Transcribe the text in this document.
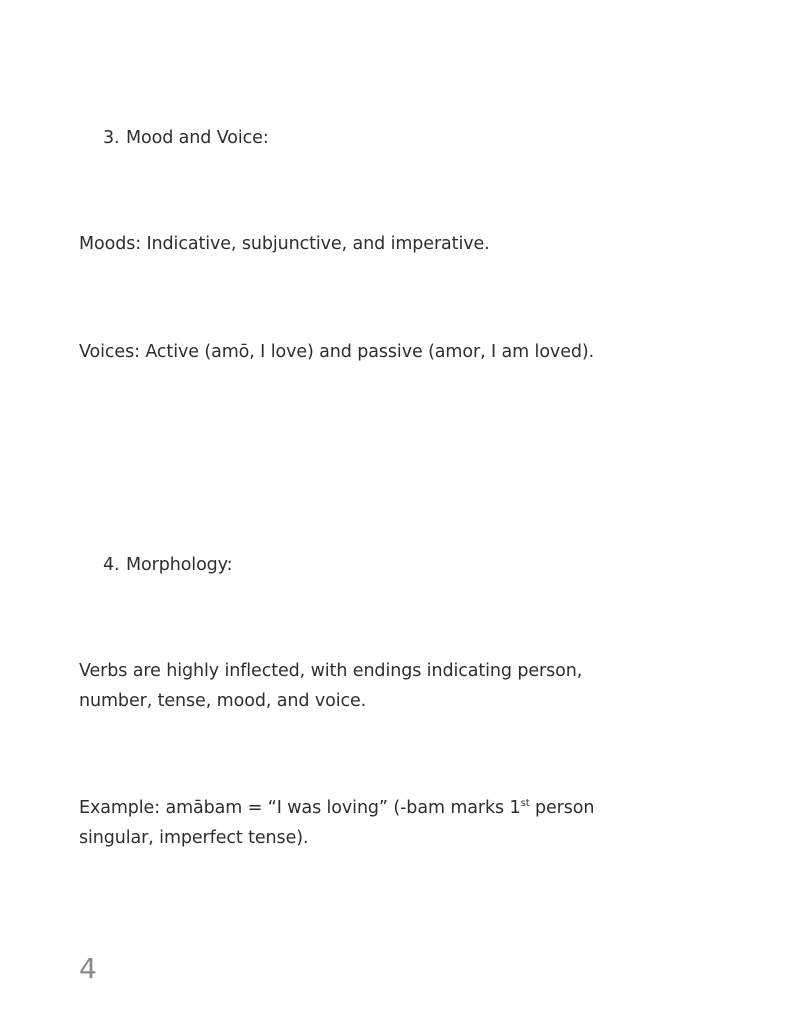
3. Mood and Voice:
Moods: Indicative, subjunctive, and imperative.
Voices: Active (amō, I love) and passive (amor, I am loved).
4. Morphology:
Verbs are highly inflected, with endings indicating person,
number, tense, mood, and voice.
Example: amābam = “I was loving” (-bam marks 1st person
singular, imperfect tense).
4
